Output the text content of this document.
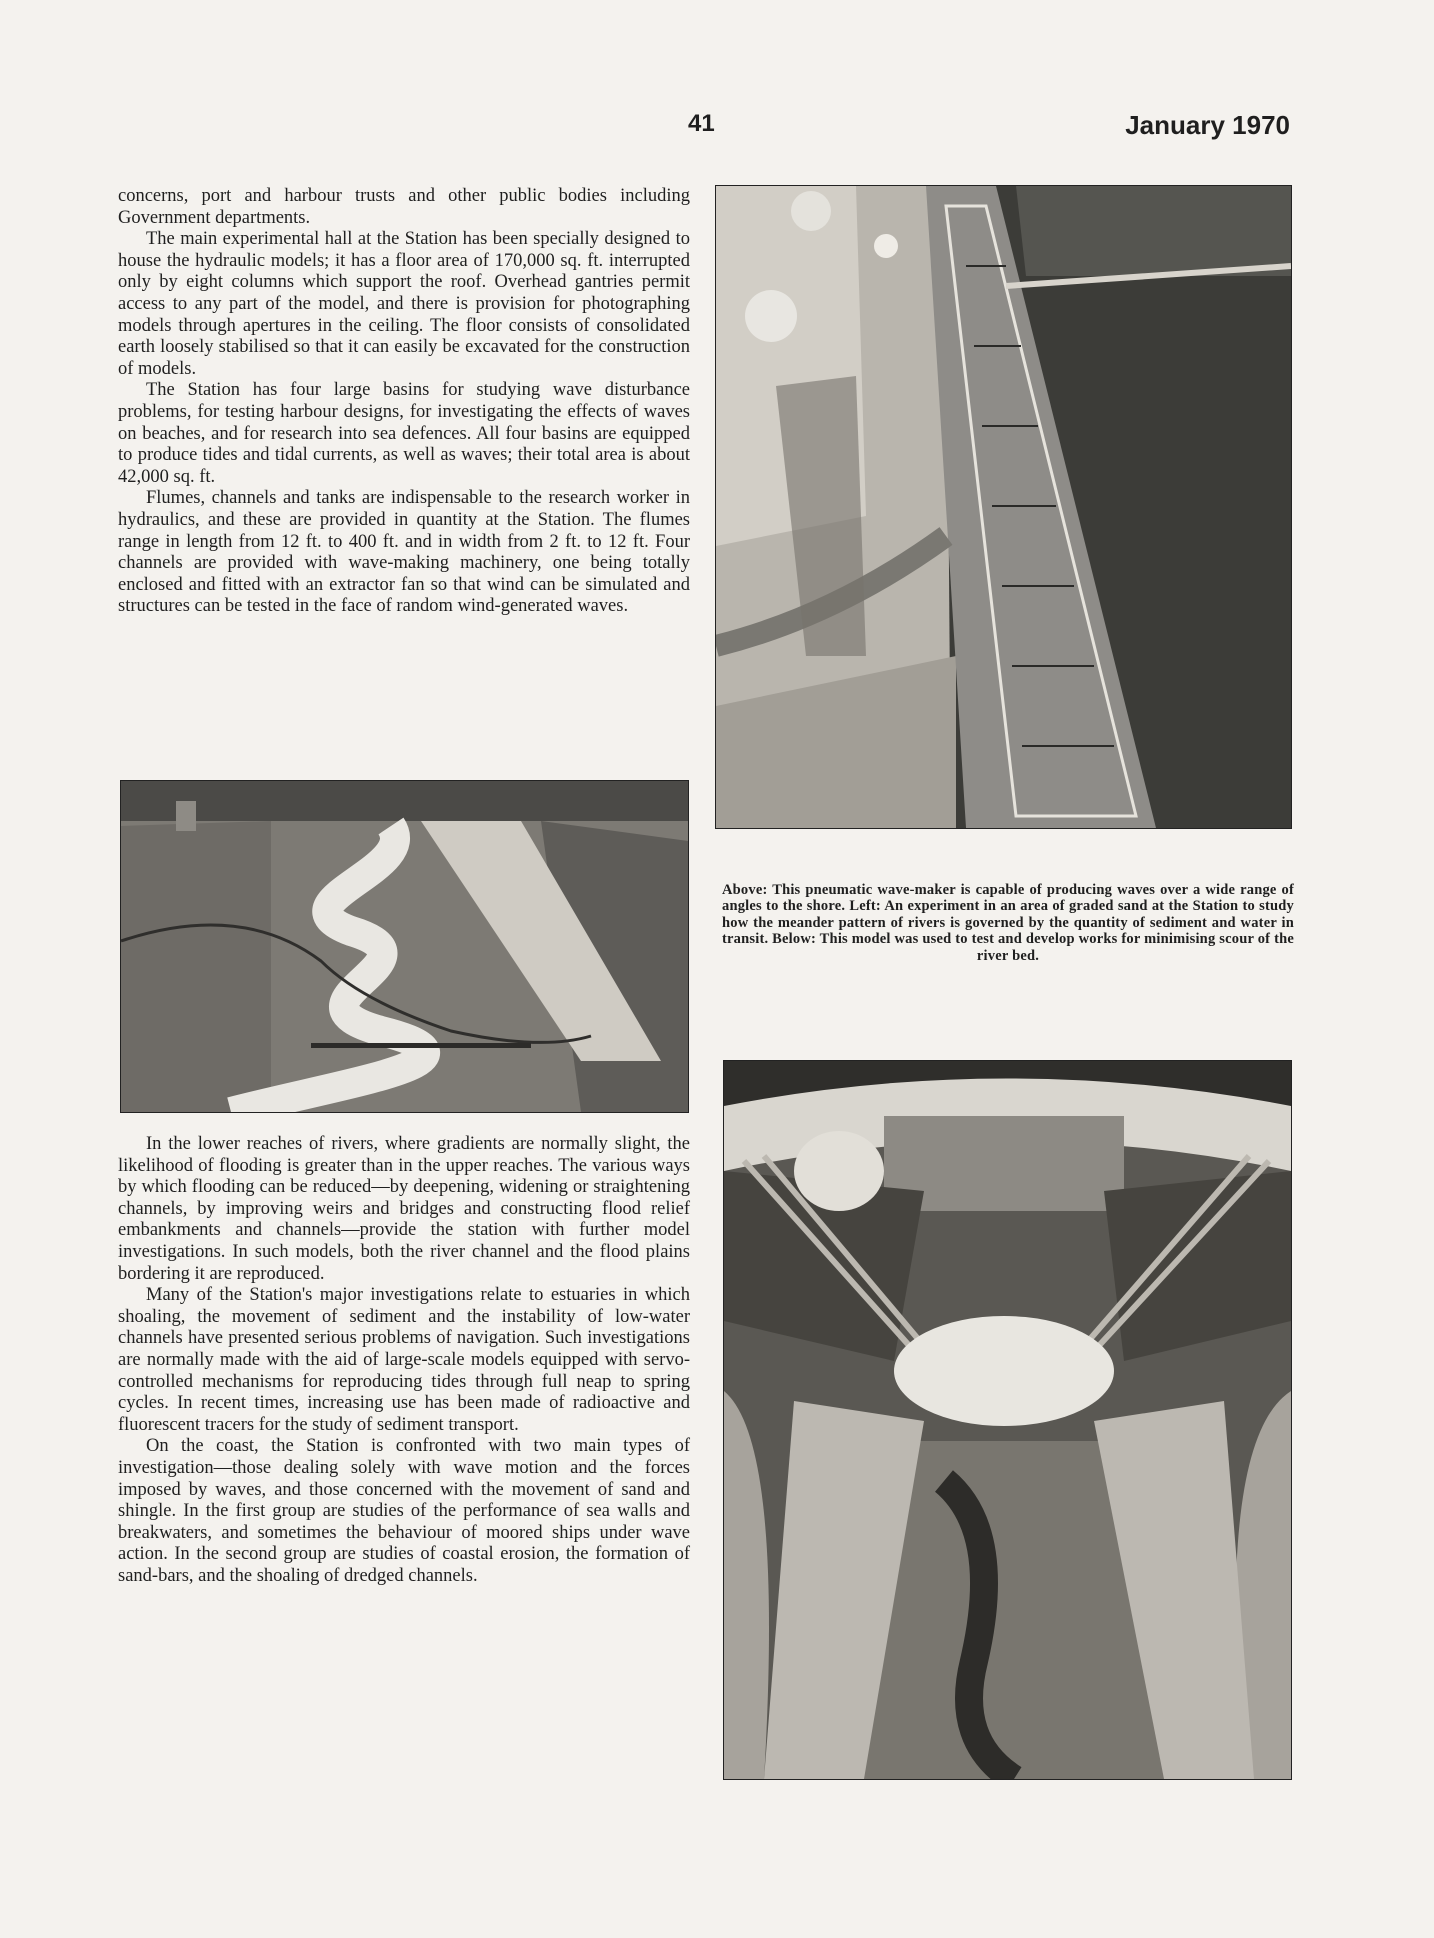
41	January 1970

concerns, port and harbour trusts and other public bodies including Government departments.

The main experimental hall at the Station has been specially designed to house the hydraulic models; it has a floor area of 170,000 sq. ft. interrupted only by eight columns which support the roof. Overhead gantries permit access to any part of the model, and there is provision for photographing models through apertures in the ceiling. The floor consists of consolidated earth loosely stabilised so that it can easily be excavated for the construction of models.

The Station has four large basins for studying wave disturbance problems, for testing harbour designs, for investigating the effects of waves on beaches, and for research into sea defences. All four basins are equipped to produce tides and tidal currents, as well as waves; their total area is about 42,000 sq. ft.

Flumes, channels and tanks are indispensable to the research worker in hydraulics, and these are provided in quantity at the Station. The flumes range in length from 12 ft. to 400 ft. and in width from 2 ft. to 12 ft. Four channels are provided with wave-making machinery, one being totally enclosed and fitted with an extractor fan so that wind can be simulated and structures can be tested in the face of random wind-generated waves.

Above: This pneumatic wave-maker is capable of producing waves over a wide range of angles to the shore. Left: An experiment in an area of graded sand at the Station to study how the meander pattern of rivers is governed by the quantity of sediment and water in transit. Below: This model was used to test and develop works for minimising scour of the river bed.

In the lower reaches of rivers, where gradients are normally slight, the likelihood of flooding is greater than in the upper reaches. The various ways by which flooding can be reduced—by deepening, widening or straightening channels, by improving weirs and bridges and constructing flood relief embankments and channels—provide the station with further model investigations. In such models, both the river channel and the flood plains bordering it are reproduced.

Many of the Station's major investigations relate to estuaries in which shoaling, the movement of sediment and the instability of low-water channels have presented serious problems of navigation. Such investigations are normally made with the aid of large-scale models equipped with servo-controlled mechanisms for reproducing tides through full neap to spring cycles. In recent times, increasing use has been made of radioactive and fluorescent tracers for the study of sediment transport.

On the coast, the Station is confronted with two main types of investigation—those dealing solely with wave motion and the forces imposed by waves, and those concerned with the movement of sand and shingle. In the first group are studies of the performance of sea walls and breakwaters, and sometimes the behaviour of moored ships under wave action. In the second group are studies of coastal erosion, the formation of sand-bars, and the shoaling of dredged channels.
